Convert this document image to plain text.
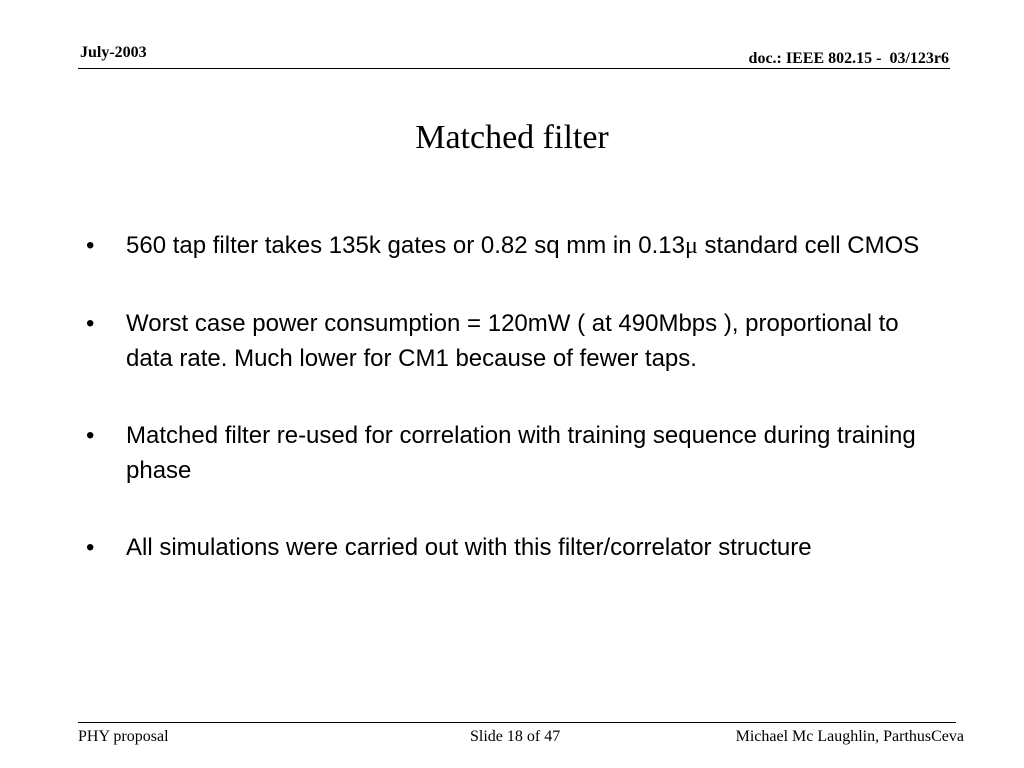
July-2003	doc.: IEEE 802.15 -  03/123r6
Matched filter
• 560 tap filter takes 135k gates or 0.82 sq mm in 0.13μ standard cell CMOS
• Worst case power consumption = 120mW ( at 490Mbps ), proportional to data rate. Much lower for CM1 because of fewer taps.
• Matched filter re-used for correlation with training sequence during training phase
• All simulations were carried out with this filter/correlator structure
PHY proposal	Slide 18 of 47	Michael Mc Laughlin, ParthusCeva
